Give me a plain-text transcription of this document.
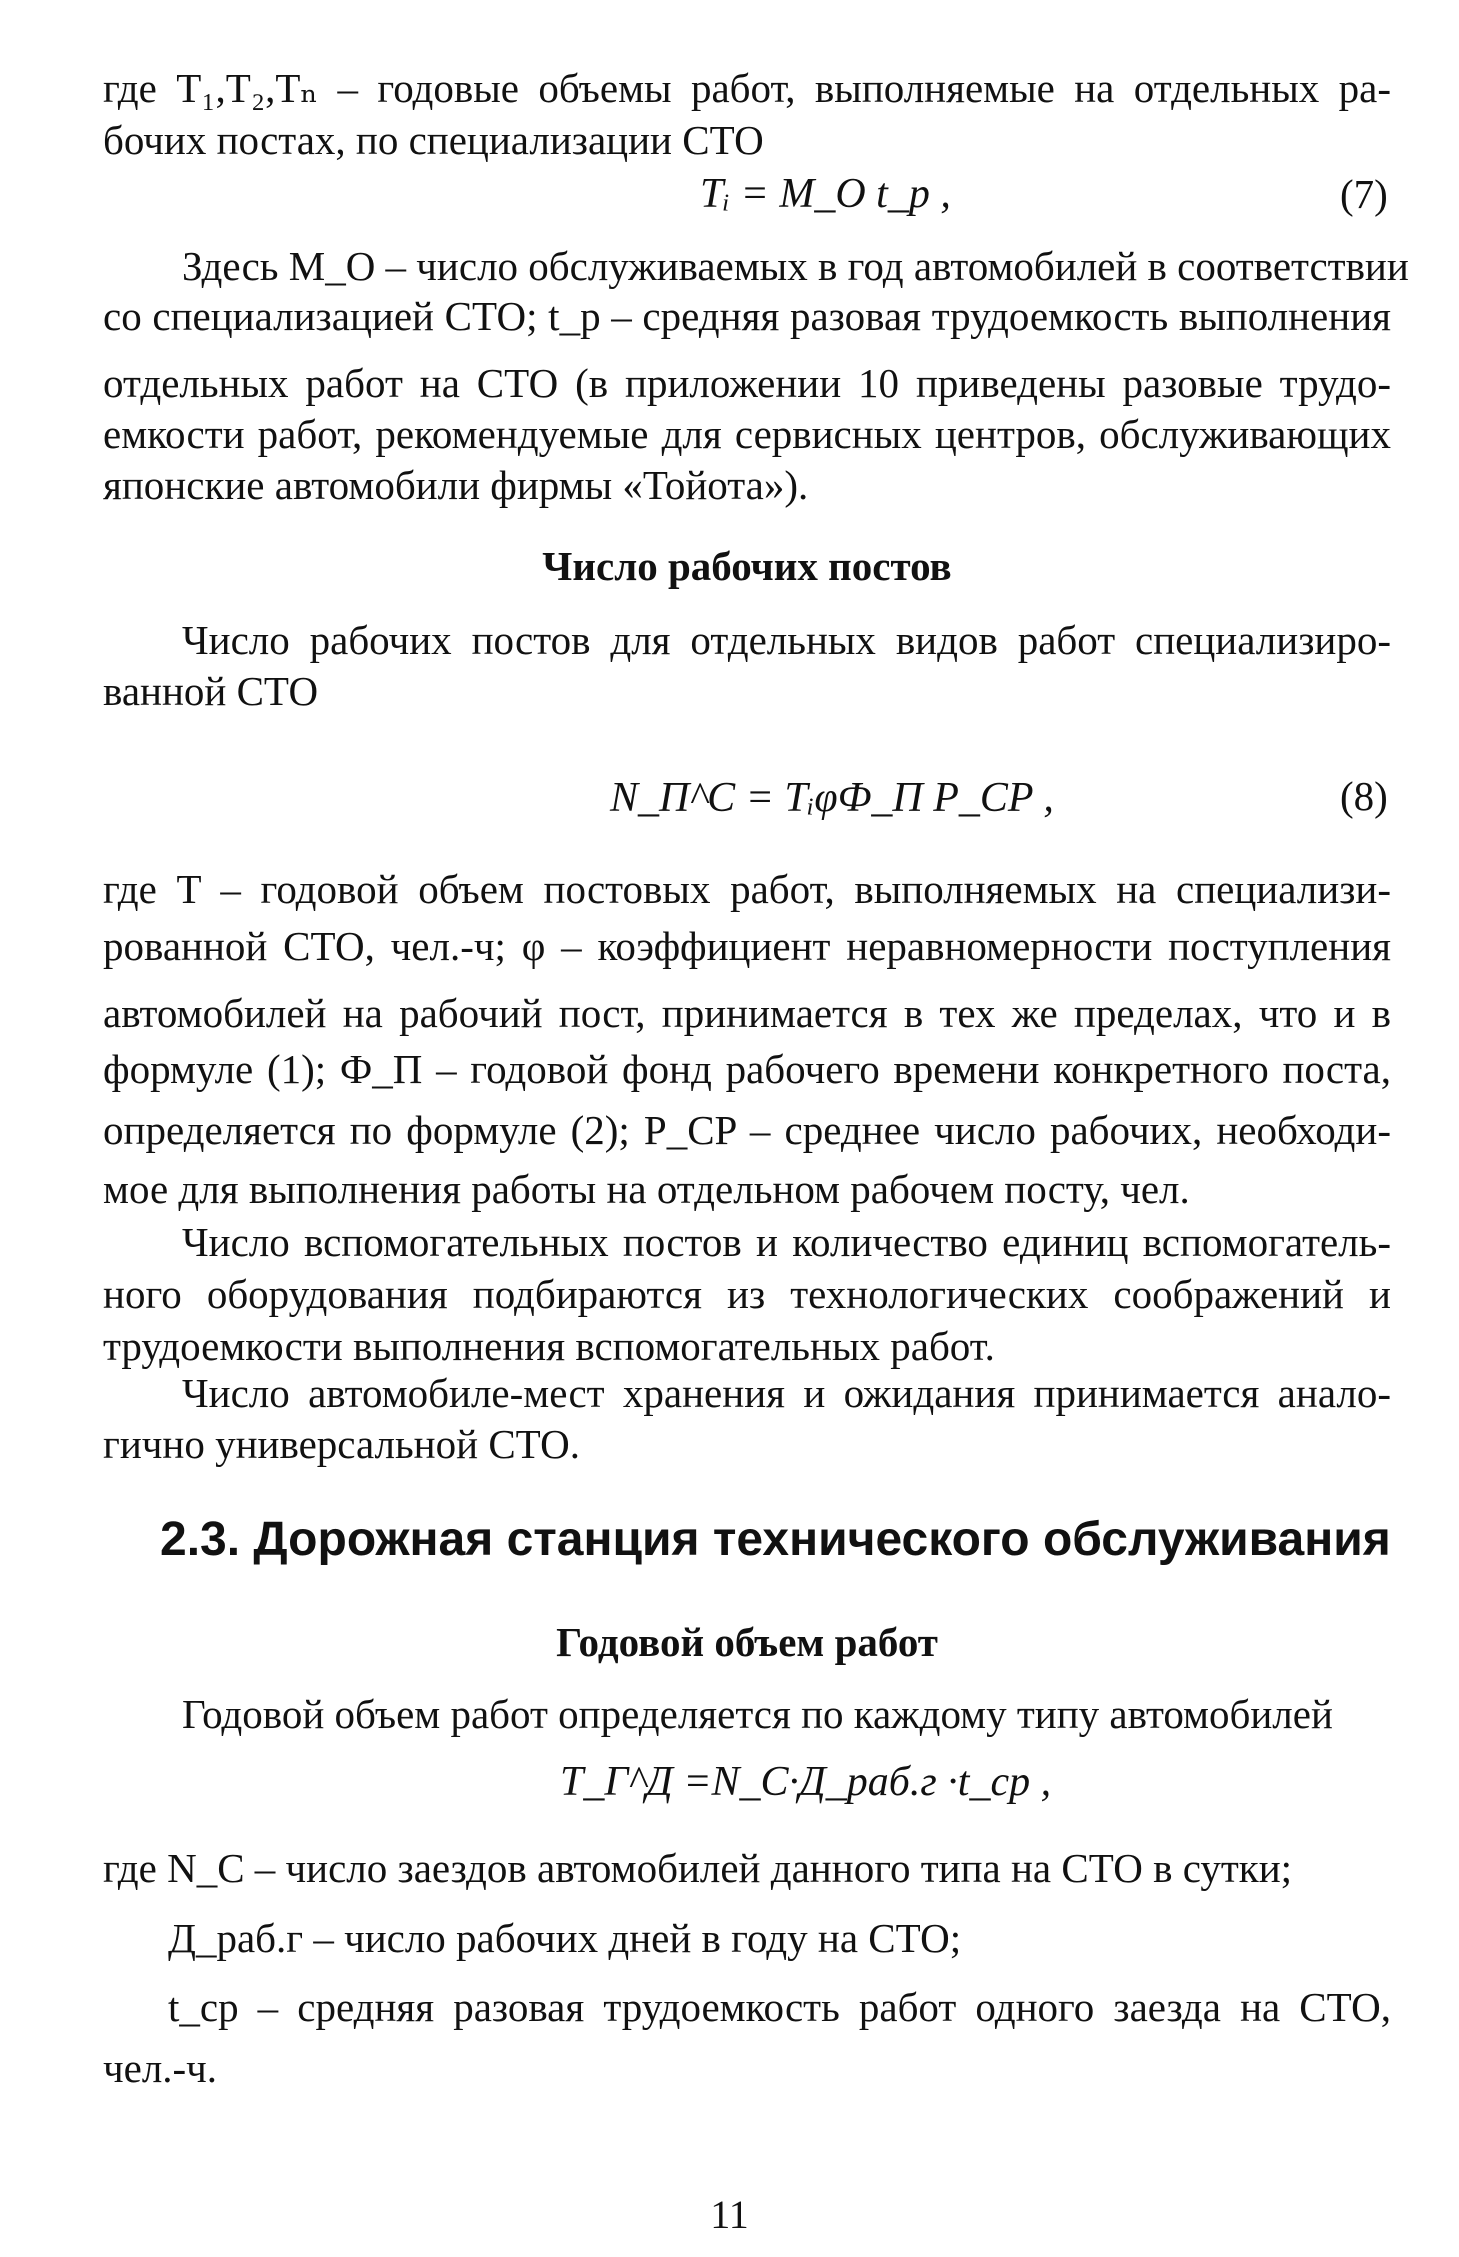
где T₁,T₂,Tₙ – годовые объемы работ, выполняемые на отдельных ра-
бочих постах, по специализации СТО
Tᵢ = M_O t_p ,	(7)
Здесь M_O – число обслуживаемых в год автомобилей в соответствии
со специализацией СТО; t_p – средняя разовая трудоемкость выполнения
отдельных работ на СТО (в приложении 10 приведены разовые трудо-
емкости работ, рекомендуемые для сервисных центров, обслуживающих
японские автомобили фирмы «Тойота»).
Число рабочих постов
Число рабочих постов для отдельных видов работ специализиро-
ванной СТО
N_П^C = TᵢφФ_П P_CP ,	(8)
где T – годовой объем постовых работ, выполняемых на специализи-
рованной СТО, чел.-ч; φ – коэффициент неравномерности поступления
автомобилей на рабочий пост, принимается в тех же пределах, что и в
формуле (1); Ф_П – годовой фонд рабочего времени конкретного поста,
определяется по формуле (2); P_CP – среднее число рабочих, необходи-
мое для выполнения работы на отдельном рабочем посту, чел.
Число вспомогательных постов и количество единиц вспомогатель-
ного оборудования подбираются из технологических соображений и
трудоемкости выполнения вспомогательных работ.
Число автомобиле-мест хранения и ожидания принимается анало-
гично универсальной СТО.
2.3. Дорожная станция технического обслуживания
Годовой объем работ
Годовой объем работ определяется по каждому типу автомобилей
T_Г^Д =N_C·Д_раб.г ·t_ср ,
где N_C – число заездов автомобилей данного типа на СТО в сутки;
Д_раб.г – число рабочих дней в году на СТО;
t_ср – средняя разовая трудоемкость работ одного заезда на СТО,
чел.-ч.
11
